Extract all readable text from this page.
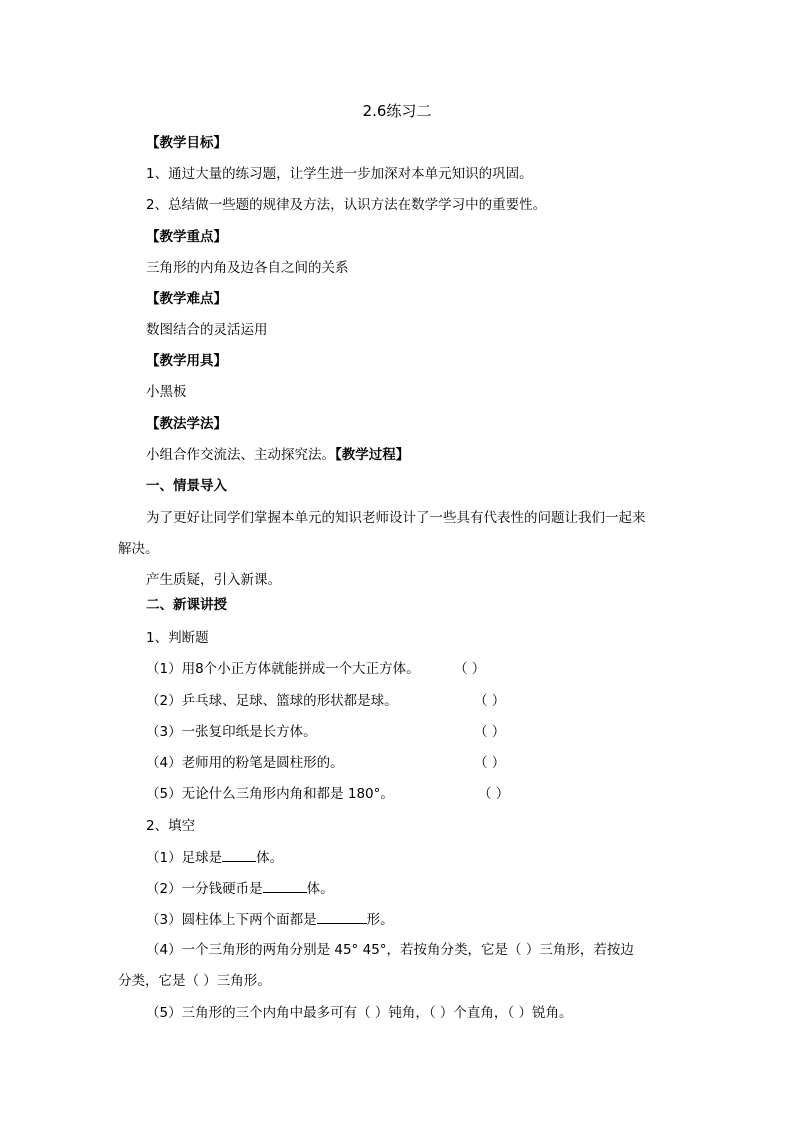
2.6练习二
【教学目标】
1、通过大量的练习题，让学生进一步加深对本单元知识的巩固。
2、总结做一些题的规律及方法，认识方法在数学学习中的重要性。
【教学重点】
三角形的内角及边各自之间的关系
【教学难点】
数图结合的灵活运用
【教学用具】
小黑板
【教法学法】
小组合作交流法、主动探究法。【教学过程】
一、情景导入
为了更好让同学们掌握本单元的知识老师设计了一些具有代表性的问题让我们一起来
解决。
产生质疑，引入新课。
二、新课讲授
1、判断题
（1）用8个小正方体就能拼成一个大正方体。	（ ）
（2）乒乓球、足球、篮球的形状都是球。	（ ）
（3）一张复印纸是长方体。	（ ）
（4）老师用的粉笔是圆柱形的。	（ ）
（5）无论什么三角形内角和都是 180°。	（ ）
2、填空
（1）足球是	体。
（2）一分钱硬币是	体。
（3）圆柱体上下两个面都是	形。
（4）一个三角形的两角分别是 45° 45°，若按角分类，它是（ ）三角形，若按边
分类，它是（ ）三角形。
（5）三角形的三个内角中最多可有（ ）钝角，（ ）个直角，（ ）锐角。
